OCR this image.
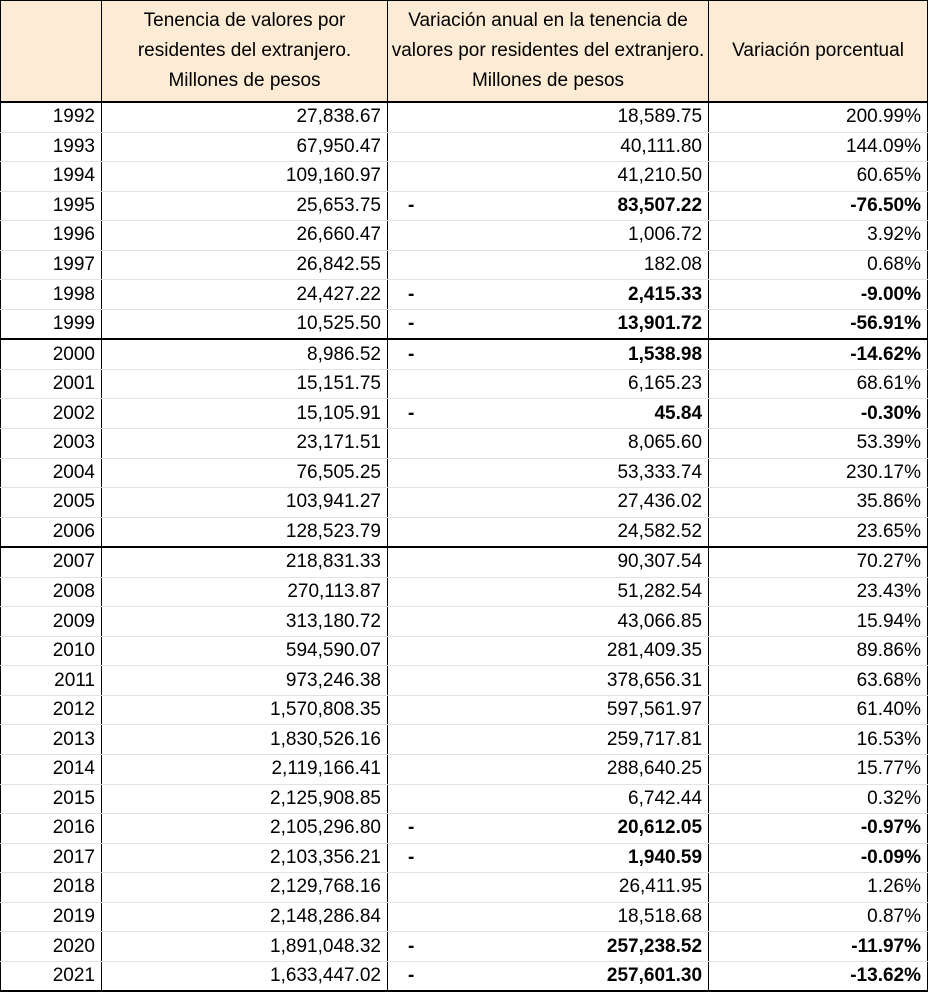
	Tenencia de valores por residentes del extranjero. Millones de pesos	Variación anual en la tenencia de valores por residentes del extranjero. Millones de pesos		Variación porcentual
1992	27,838.67		18,589.75	200.99%
1993	67,950.47		40,111.80	144.09%
1994	109,160.97		41,210.50	60.65%
1995	25,653.75	-	83,507.22	-76.50%
1996	26,660.47		1,006.72	3.92%
1997	26,842.55		182.08	0.68%
1998	24,427.22	-	2,415.33	-9.00%
1999	10,525.50	-	13,901.72	-56.91%
2000	8,986.52	-	1,538.98	-14.62%
2001	15,151.75		6,165.23	68.61%
2002	15,105.91	-	45.84	-0.30%
2003	23,171.51		8,065.60	53.39%
2004	76,505.25		53,333.74	230.17%
2005	103,941.27		27,436.02	35.86%
2006	128,523.79		24,582.52	23.65%
2007	218,831.33		90,307.54	70.27%
2008	270,113.87		51,282.54	23.43%
2009	313,180.72		43,066.85	15.94%
2010	594,590.07		281,409.35	89.86%
2011	973,246.38		378,656.31	63.68%
2012	1,570,808.35		597,561.97	61.40%
2013	1,830,526.16		259,717.81	16.53%
2014	2,119,166.41		288,640.25	15.77%
2015	2,125,908.85		6,742.44	0.32%
2016	2,105,296.80	-	20,612.05	-0.97%
2017	2,103,356.21	-	1,940.59	-0.09%
2018	2,129,768.16		26,411.95	1.26%
2019	2,148,286.84		18,518.68	0.87%
2020	1,891,048.32	-	257,238.52	-11.97%
2021	1,633,447.02	-	257,601.30	-13.62%
